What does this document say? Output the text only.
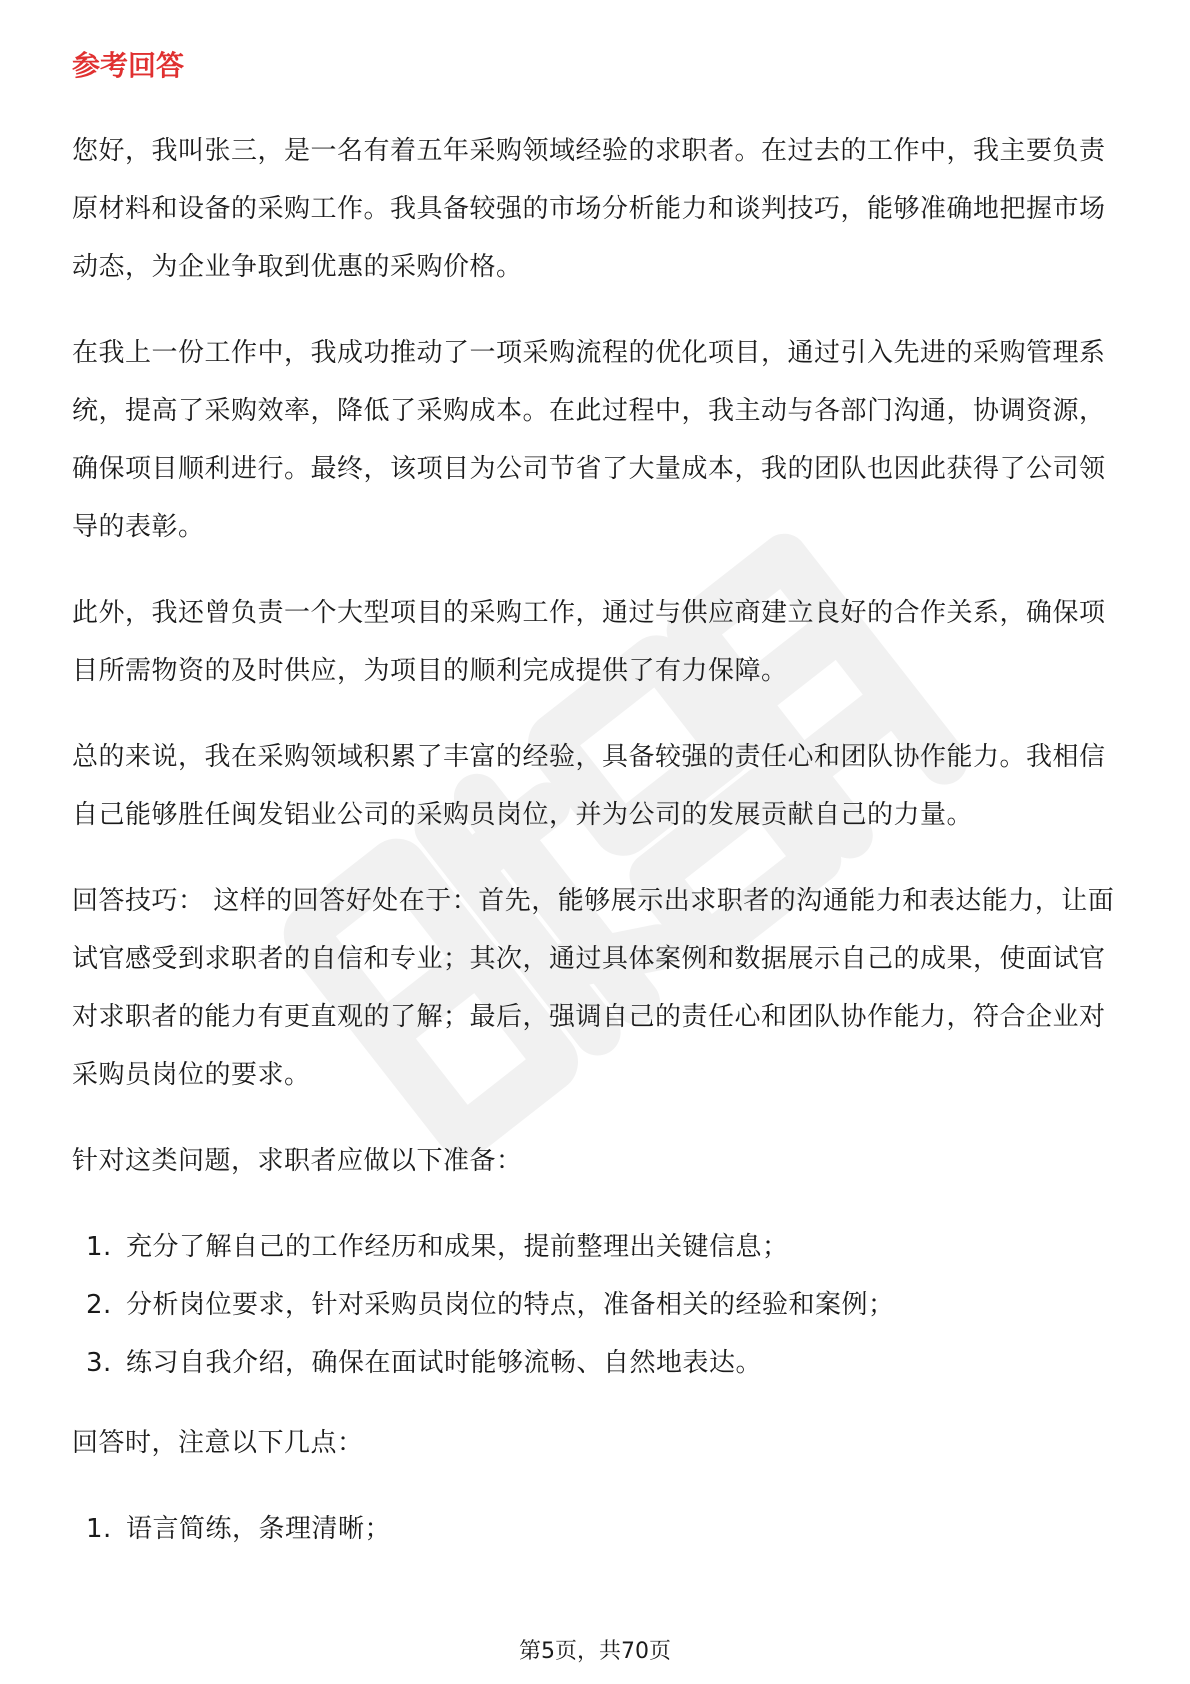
参考回答

您好，我叫张三，是一名有着五年采购领域经验的求职者。在过去的工作中，我主要负责原材料和设备的采购工作。我具备较强的市场分析能力和谈判技巧，能够准确地把握市场动态，为企业争取到优惠的采购价格。

在我上一份工作中，我成功推动了一项采购流程的优化项目，通过引入先进的采购管理系统，提高了采购效率，降低了采购成本。在此过程中，我主动与各部门沟通，协调资源，确保项目顺利进行。最终，该项目为公司节省了大量成本，我的团队也因此获得了公司领导的表彰。

此外，我还曾负责一个大型项目的采购工作，通过与供应商建立良好的合作关系，确保项目所需物资的及时供应，为项目的顺利完成提供了有力保障。

总的来说，我在采购领域积累了丰富的经验，具备较强的责任心和团队协作能力。我相信自己能够胜任闽发铝业公司的采购员岗位，并为公司的发展贡献自己的力量。

回答技巧： 这样的回答好处在于：首先，能够展示出求职者的沟通能力和表达能力，让面试官感受到求职者的自信和专业；其次，通过具体案例和数据展示自己的成果，使面试官对求职者的能力有更直观的了解；最后，强调自己的责任心和团队协作能力，符合企业对采购员岗位的要求。

针对这类问题，求职者应做以下准备：

1. 充分了解自己的工作经历和成果，提前整理出关键信息；
2. 分析岗位要求，针对采购员岗位的特点，准备相关的经验和案例；
3. 练习自我介绍，确保在面试时能够流畅、自然地表达。

回答时，注意以下几点：

1. 语言简练，条理清晰；
第5页，共70页
